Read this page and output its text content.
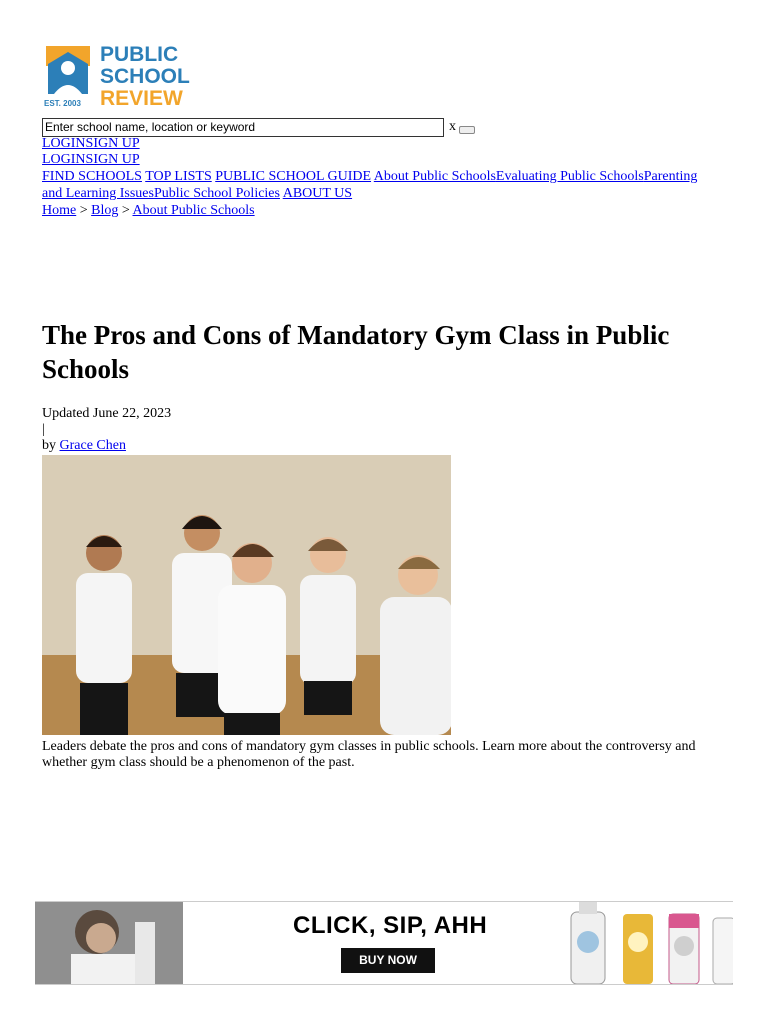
EST. 2003
PUBLIC
SCHOOL
REVIEW
Enter school name, location or keyword
x
LOGINSIGN UP
LOGINSIGN UP
FIND SCHOOLS TOP LISTS PUBLIC SCHOOL GUIDE About Public SchoolsEvaluating Public SchoolsParenting and Learning IssuesPublic School Policies ABOUT US
Home > Blog > About Public Schools
The Pros and Cons of Mandatory Gym Class in Public Schools
Updated June 22, 2023
|
by Grace Chen
Leaders debate the pros and cons of mandatory gym classes in public schools. Learn more about the controversy and whether gym class should be a phenomenon of the past.
CLICK, SIP, AHH
BUY NOW
